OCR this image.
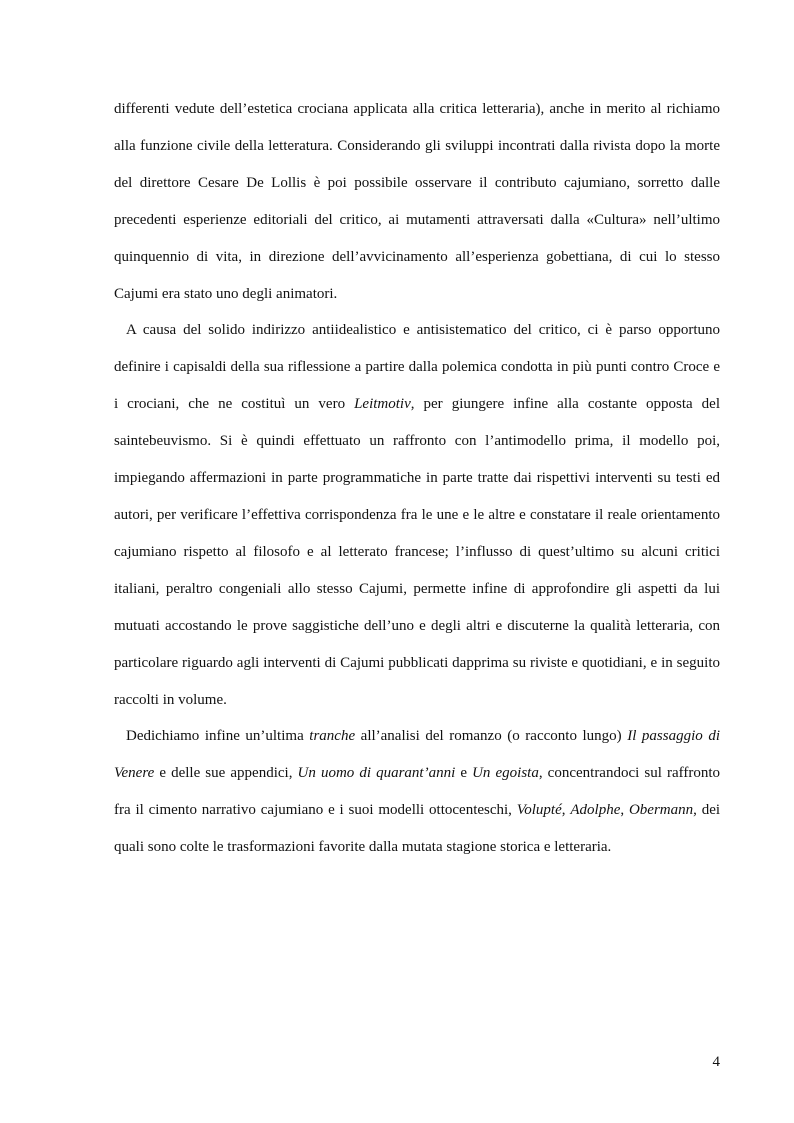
differenti vedute dell’estetica crociana applicata alla critica letteraria), anche in merito al richiamo alla funzione civile della letteratura. Considerando gli sviluppi incontrati dalla rivista dopo la morte del direttore Cesare De Lollis è poi possibile osservare il contributo cajumiano, sorretto dalle precedenti esperienze editoriali del critico, ai mutamenti attraversati dalla «Cultura» nell’ultimo quinquennio di vita, in direzione dell’avvicinamento all’esperienza gobettiana, di cui lo stesso Cajumi era stato uno degli animatori.

A causa del solido indirizzo antiidealistico e antisistematico del critico, ci è parso opportuno definire i capisaldi della sua riflessione a partire dalla polemica condotta in più punti contro Croce e i crociani, che ne costituì un vero Leitmotiv, per giungere infine alla costante opposta del saintebeuvismo. Si è quindi effettuato un raffronto con l’antimodello prima, il modello poi, impiegando affermazioni in parte programmatiche in parte tratte dai rispettivi interventi su testi ed autori, per verificare l’effettiva corrispondenza fra le une e le altre e constatare il reale orientamento cajumiano rispetto al filosofo e al letterato francese; l’influsso di quest’ultimo su alcuni critici italiani, peraltro congeniali allo stesso Cajumi, permette infine di approfondire gli aspetti da lui mutuati accostando le prove saggistiche dell’uno e degli altri e discuterne la qualità letteraria, con particolare riguardo agli interventi di Cajumi pubblicati dapprima su riviste e quotidiani, e in seguito raccolti in volume.

Dedichiamo infine un’ultima tranche all’analisi del romanzo (o racconto lungo) Il passaggio di Venere e delle sue appendici, Un uomo di quarant’anni e Un egoista, concentrandoci sul raffronto fra il cimento narrativo cajumiano e i suoi modelli ottocenteschi, Volupté, Adolphe, Obermann, dei quali sono colte le trasformazioni favorite dalla mutata stagione storica e letteraria.

4
